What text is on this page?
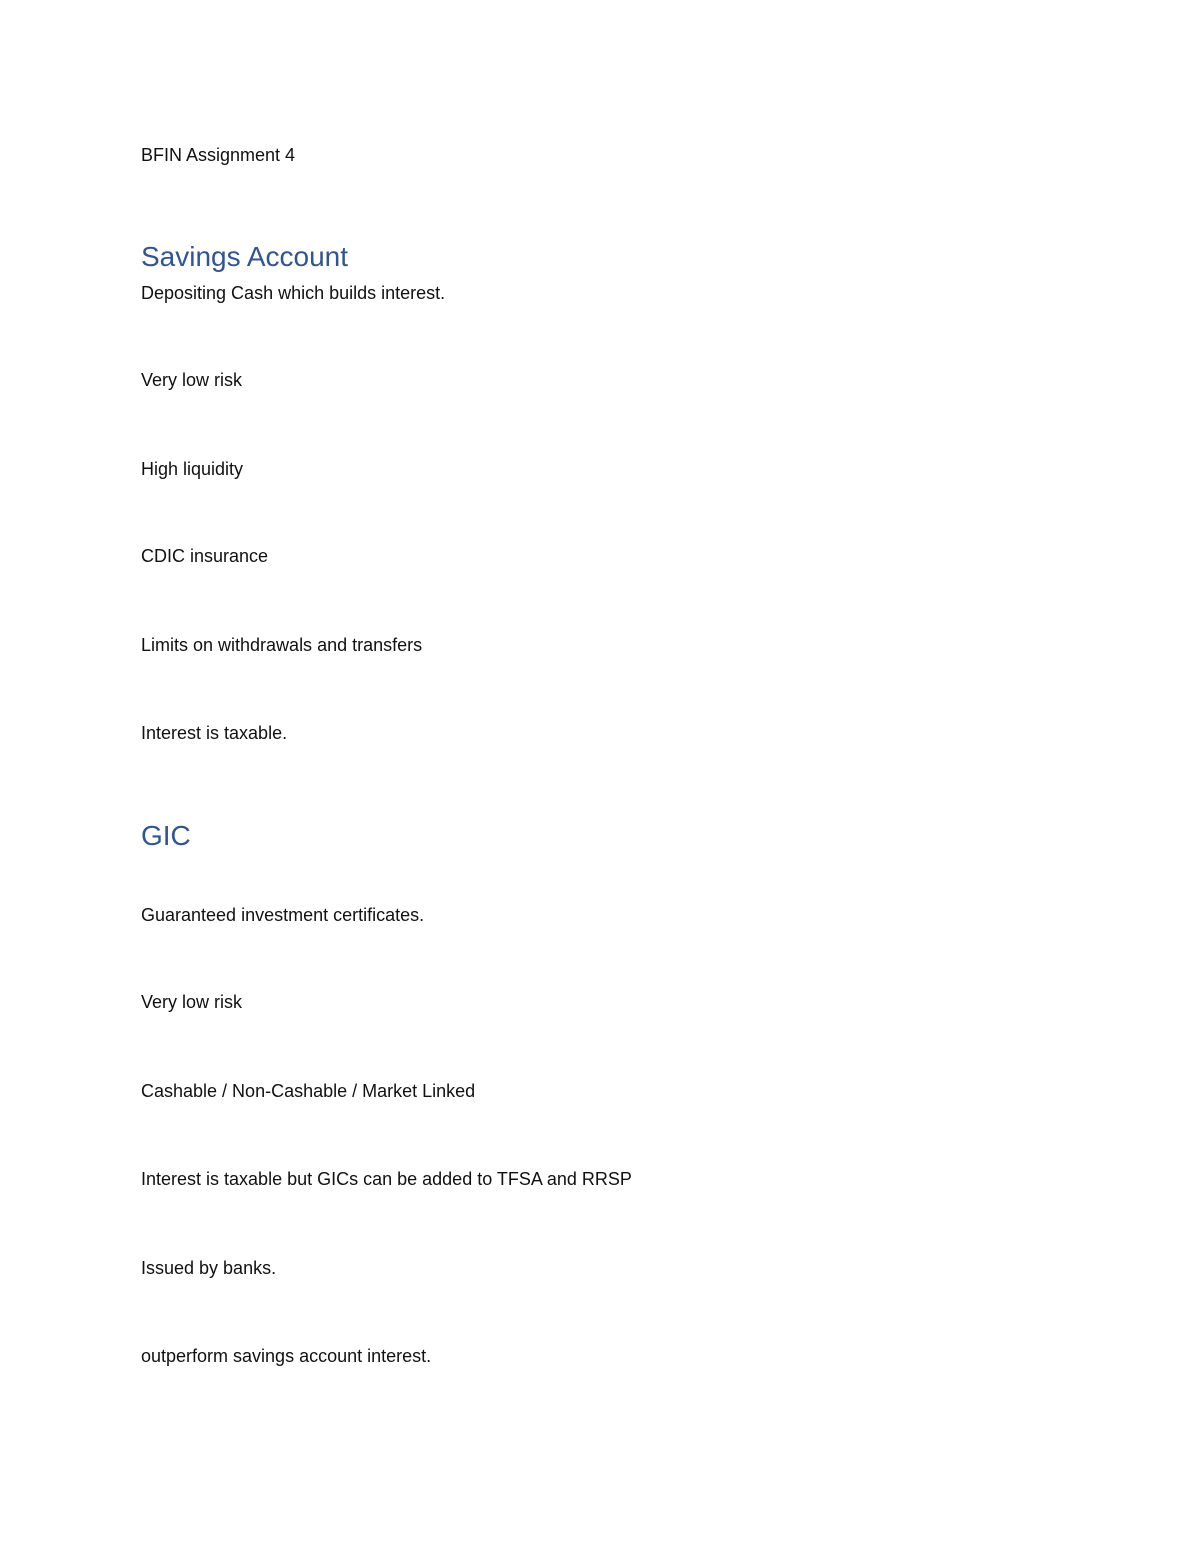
BFIN Assignment 4
Savings Account
Depositing Cash which builds interest.
Very low risk
High liquidity
CDIC insurance
Limits on withdrawals and transfers
Interest is taxable.
GIC
Guaranteed investment certificates.
Very low risk
Cashable / Non-Cashable / Market Linked
Interest is taxable but GICs can be added to TFSA and RRSP
Issued by banks.
outperform savings account interest.
